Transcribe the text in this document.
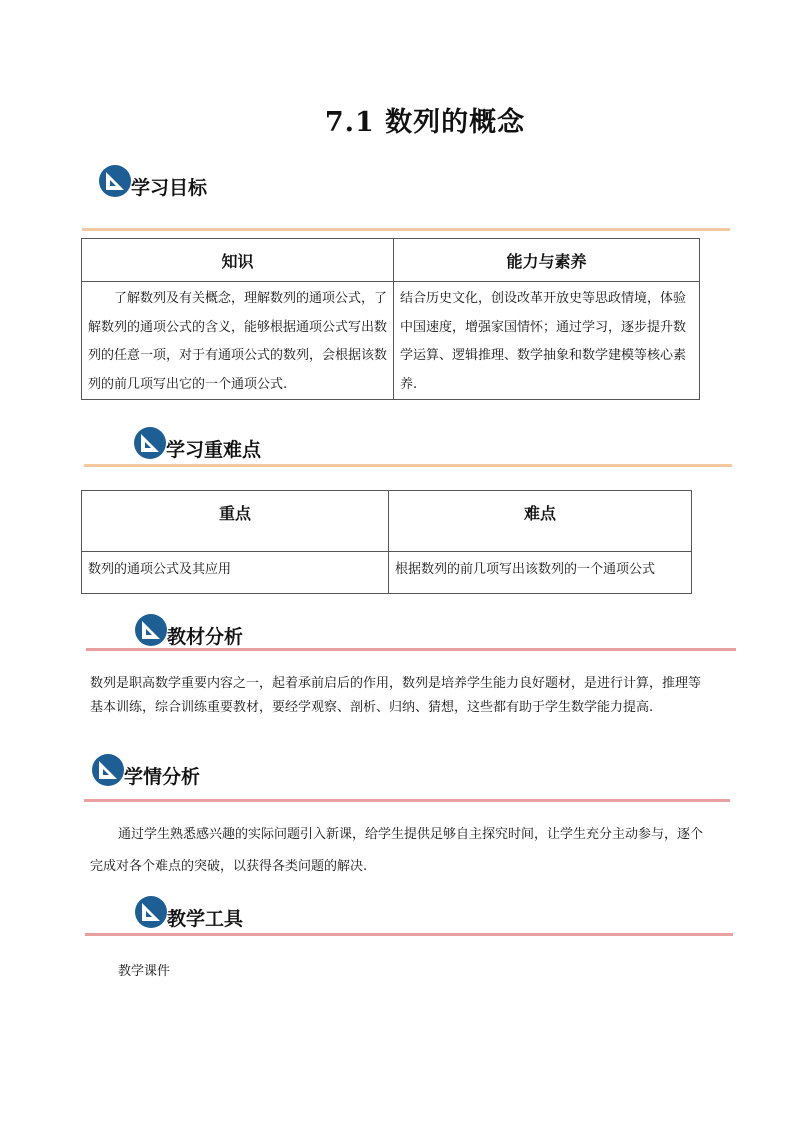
7.1 数列的概念
学习目标
知识	能力与素养
了解数列及有关概念，理解数列的通项公式，了解数列的通项公式的含义，能够根据通项公式写出数列的任意一项，对于有通项公式的数列，会根据该数列的前几项写出它的一个通项公式.	结合历史文化，创设改革开放史等思政情境，体验中国速度，增强家国情怀；通过学习，逐步提升数学运算、逻辑推理、数学抽象和数学建模等核心素养.
学习重难点
重点	难点
数列的通项公式及其应用	根据数列的前几项写出该数列的一个通项公式
教材分析
数列是职高数学重要内容之一，起着承前启后的作用，数列是培养学生能力良好题材，是进行计算，推理等基本训练，综合训练重要教材，要经学观察、剖析、归纳、猜想，这些都有助于学生数学能力提高.
学情分析
通过学生熟悉感兴趣的实际问题引入新课，给学生提供足够自主探究时间，让学生充分主动参与，逐个完成对各个难点的突破，以获得各类问题的解决.
教学工具
教学课件
